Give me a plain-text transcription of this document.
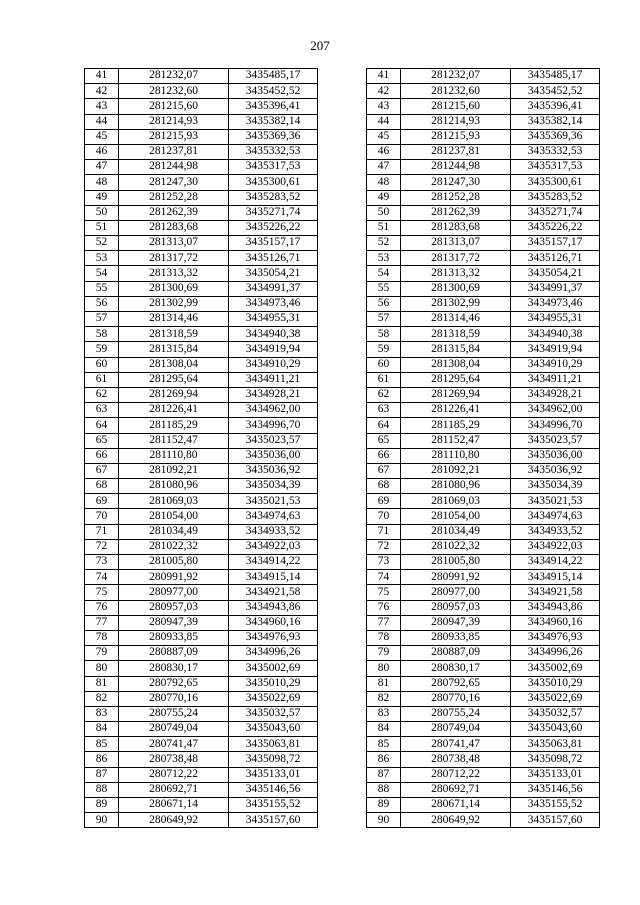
207
41	281232,07	3435485,17
42	281232,60	3435452,52
43	281215,60	3435396,41
44	281214,93	3435382,14
45	281215,93	3435369,36
46	281237,81	3435332,53
47	281244,98	3435317,53
48	281247,30	3435300,61
49	281252,28	3435283,52
50	281262,39	3435271,74
51	281283,68	3435226,22
52	281313,07	3435157,17
53	281317,72	3435126,71
54	281313,32	3435054,21
55	281300,69	3434991,37
56	281302,99	3434973,46
57	281314,46	3434955,31
58	281318,59	3434940,38
59	281315,84	3434919,94
60	281308,04	3434910,29
61	281295,64	3434911,21
62	281269,94	3434928,21
63	281226,41	3434962,00
64	281185,29	3434996,70
65	281152,47	3435023,57
66	281110,80	3435036,00
67	281092,21	3435036,92
68	281080,96	3435034,39
69	281069,03	3435021,53
70	281054,00	3434974,63
71	281034,49	3434933,52
72	281022,32	3434922,03
73	281005,80	3434914,22
74	280991,92	3434915,14
75	280977,00	3434921,58
76	280957,03	3434943,86
77	280947,39	3434960,16
78	280933,85	3434976,93
79	280887,09	3434996,26
80	280830,17	3435002,69
81	280792,65	3435010,29
82	280770,16	3435022,69
83	280755,24	3435032,57
84	280749,04	3435043,60
85	280741,47	3435063,81
86	280738,48	3435098,72
87	280712,22	3435133,01
88	280692,71	3435146,56
89	280671,14	3435155,52
90	280649,92	3435157,60
41	281232,07	3435485,17
42	281232,60	3435452,52
43	281215,60	3435396,41
44	281214,93	3435382,14
45	281215,93	3435369,36
46	281237,81	3435332,53
47	281244,98	3435317,53
48	281247,30	3435300,61
49	281252,28	3435283,52
50	281262,39	3435271,74
51	281283,68	3435226,22
52	281313,07	3435157,17
53	281317,72	3435126,71
54	281313,32	3435054,21
55	281300,69	3434991,37
56	281302,99	3434973,46
57	281314,46	3434955,31
58	281318,59	3434940,38
59	281315,84	3434919,94
60	281308,04	3434910,29
61	281295,64	3434911,21
62	281269,94	3434928,21
63	281226,41	3434962,00
64	281185,29	3434996,70
65	281152,47	3435023,57
66	281110,80	3435036,00
67	281092,21	3435036,92
68	281080,96	3435034,39
69	281069,03	3435021,53
70	281054,00	3434974,63
71	281034,49	3434933,52
72	281022,32	3434922,03
73	281005,80	3434914,22
74	280991,92	3434915,14
75	280977,00	3434921,58
76	280957,03	3434943,86
77	280947,39	3434960,16
78	280933,85	3434976,93
79	280887,09	3434996,26
80	280830,17	3435002,69
81	280792,65	3435010,29
82	280770,16	3435022,69
83	280755,24	3435032,57
84	280749,04	3435043,60
85	280741,47	3435063,81
86	280738,48	3435098,72
87	280712,22	3435133,01
88	280692,71	3435146,56
89	280671,14	3435155,52
90	280649,92	3435157,60
